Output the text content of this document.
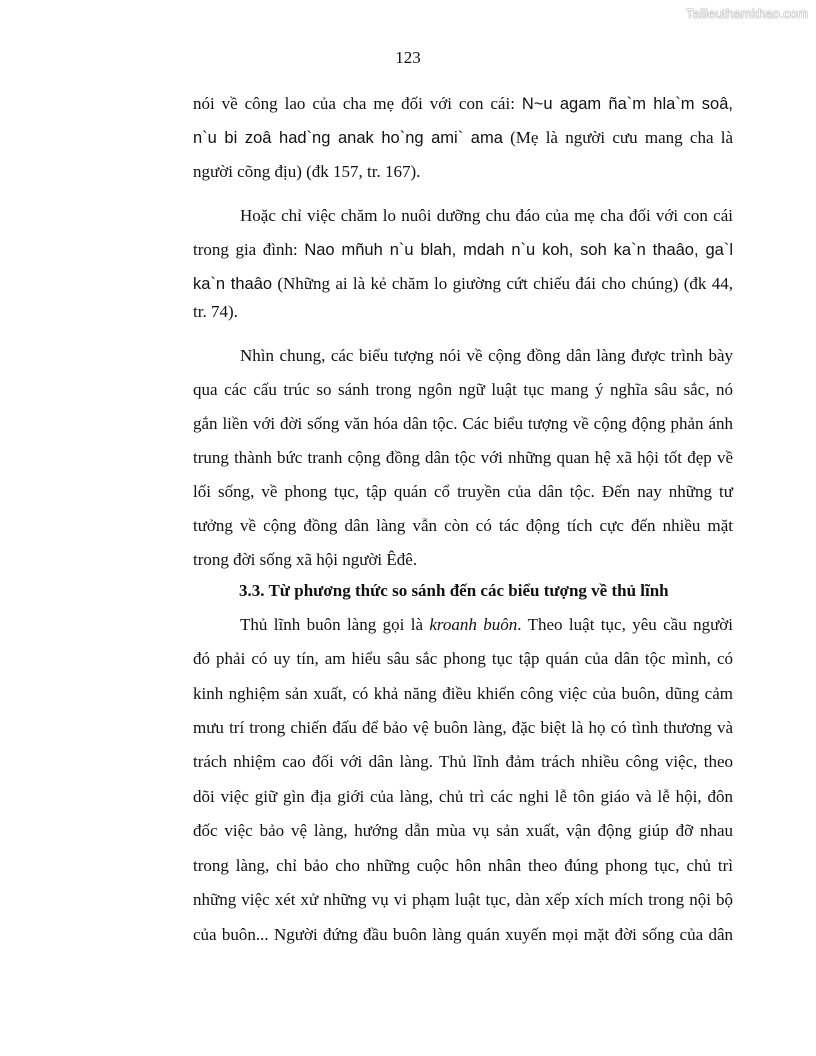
Tailieuthamkhao.com
123
nói về công lao của cha mẹ đối với con cái: N~u agam ña`m hla`m soâ,
n`u bi zoâ had`ng anak ho`ng ami` ama (Mẹ là người cưu mang cha là
người cõng địu) (đk 157, tr. 167).
Hoặc chỉ việc chăm lo nuôi dưỡng chu đáo của mẹ cha đối với con cái
trong gia đình: Nao mñuh n`u blah, mdah n`u koh, soh ka`n thaâo, ga`l
ka`n thaâo (Những ai là kẻ chăm lo giường cứt chiếu đái cho chúng) (đk 44,
tr. 74).
Nhìn chung, các biểu tượng nói về cộng đồng dân làng được trình bày
qua các cấu trúc so sánh trong ngôn ngữ luật tục mang ý nghĩa sâu sắc, nó
gắn liền với đời sống văn hóa dân tộc. Các biểu tượng về cộng động phản ánh
trung thành bức tranh cộng đồng dân tộc với những quan hệ xã hội tốt đẹp về
lối sống, về phong tục, tập quán cổ truyền của dân tộc. Đến nay những tư
tưởng về cộng đồng dân làng vẫn còn có tác động tích cực đến nhiều mặt
trong đời sống xã hội người Êđê.
3.3. Từ phương thức so sánh đến các biểu tượng về thủ lĩnh
Thủ lĩnh buôn làng gọi là kroanh buôn. Theo luật tục, yêu cầu người
đó phải có uy tín, am hiểu sâu sắc phong tục tập quán của dân tộc mình, có
kinh nghiệm sản xuất, có khả năng điều khiển công việc của buôn, dũng cảm
mưu trí trong chiến đấu để bảo vệ buôn làng, đặc biệt là họ có tình thương và
trách nhiệm cao đối với dân làng. Thủ lĩnh đảm trách nhiều công việc, theo
dõi việc giữ gìn địa giới của làng, chủ trì các nghi lễ tôn giáo và lễ hội, đôn
đốc việc bảo vệ làng, hướng dẫn mùa vụ sản xuất, vận động giúp đỡ nhau
trong làng, chỉ bảo cho những cuộc hôn nhân theo đúng phong tục, chủ trì
những việc xét xử những vụ vi phạm luật tục, dàn xếp xích mích trong nội bộ
của buôn... Người đứng đầu buôn làng quán xuyến mọi mặt đời sống của dân
